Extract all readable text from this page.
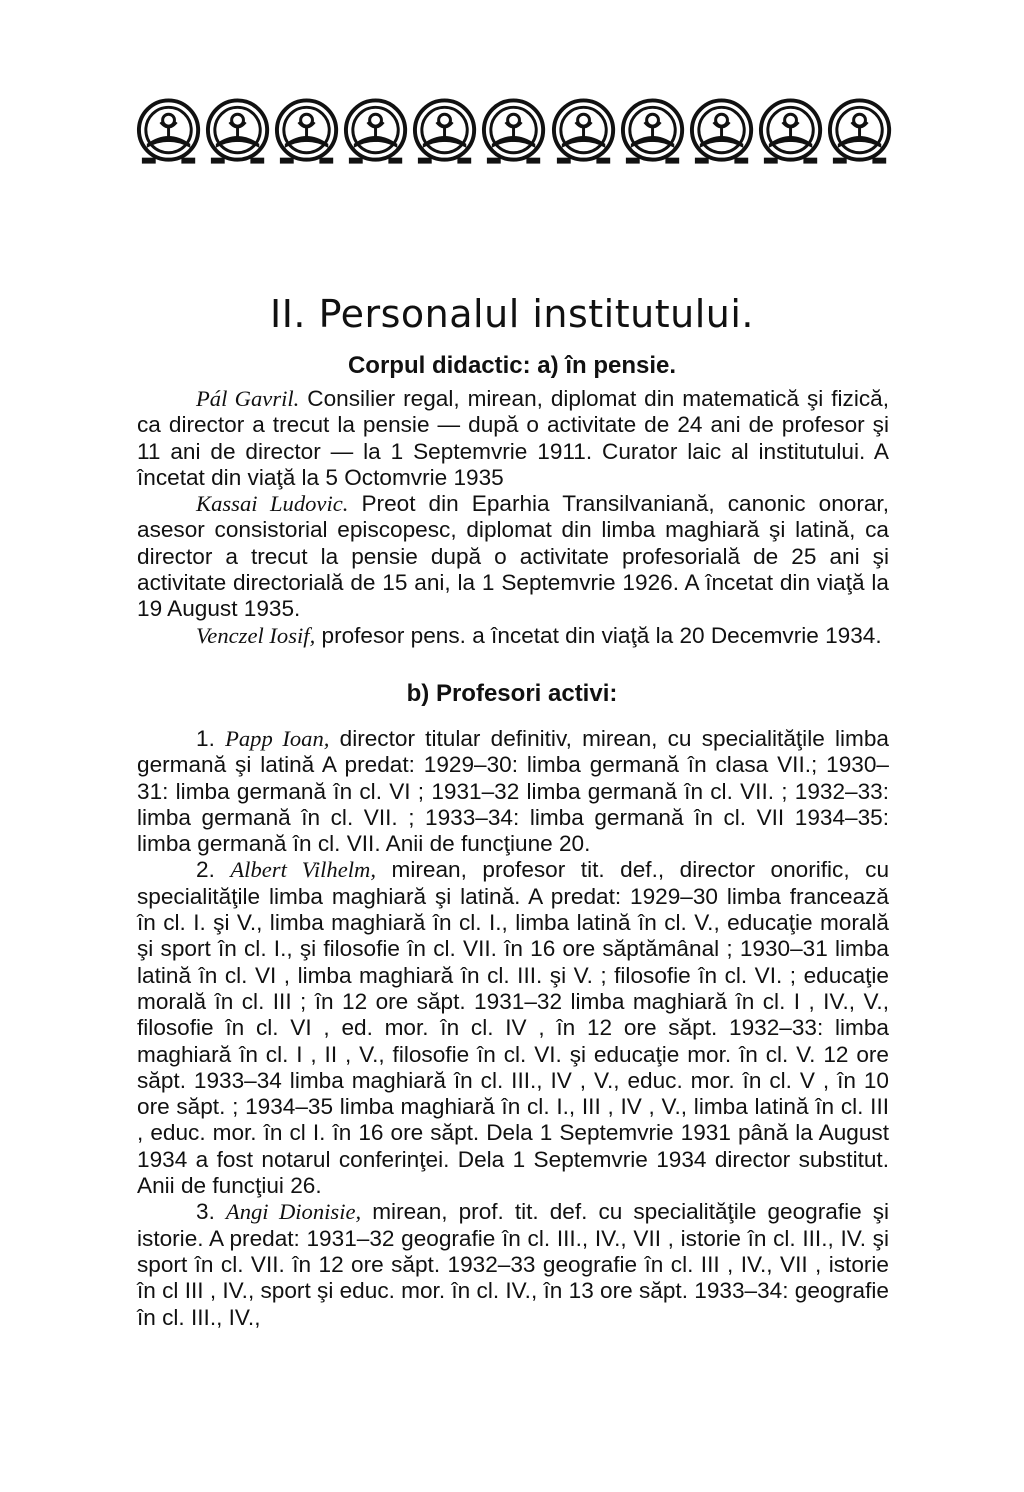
II. Personalul institutului.
Corpul didactic: a) în pensie.

Pál Gavril. Consilier regal, mirean, diplomat din matematică şi fizică, ca director a trecut la pensie — după o activitate de 24 ani de profesor şi 11 ani de director — la 1 Septemvrie 1911. Curator laic al institutului. A încetat din viaţă la 5 Octomvrie 1935

Kassai Ludovic. Preot din Eparhia Transilvaniană, canonic onorar, asesor consistorial episcopesc, diplomat din limba maghiară şi latină, ca director a trecut la pensie după o activitate profesorială de 25 ani şi activitate directorială de 15 ani, la 1 Septemvrie 1926. A încetat din viaţă la 19 August 1935.

Venczel Iosif, profesor pens. a încetat din viaţă la 20 Decemvrie 1934.

b) Profesori activi:

1. Papp Ioan, director titular definitiv, mirean, cu specialităţile limba germană şi latină A predat: 1929–30: limba germană în clasa VII.; 1930–31: limba germană în cl. VI ; 1931–32 limba germană în cl. VII. ; 1932–33: limba germană în cl. VII. ; 1933–34: limba germană în cl. VII 1934–35: limba germană în cl. VII. Anii de funcţiune 20.

2. Albert Vilhelm, mirean, profesor tit. def., director onorific, cu specialităţile limba maghiară şi latină. A predat: 1929–30 limba franceazǎ în cl. I. şi V., limba maghiară în cl. I., limba latină în cl. V., educaţie morală şi sport în cl. I., şi filosofie în cl. VII. în 16 ore săptămânal ; 1930–31 limba latină în cl. VI , limba maghiară în cl. III. şi V. ; filosofie în cl. VI. ; educaţie morală în cl. III ; în 12 ore săpt. 1931–32 limba maghiară în cl. I , IV., V., filosofie în cl. VI , ed. mor. în cl. IV , în 12 ore săpt. 1932–33: limba maghiară în cl. I , II , V., filosofie în cl. VI. şi educaţie mor. în cl. V. 12 ore săpt. 1933–34 limba maghiară în cl. III., IV , V., educ. mor. în cl. V , în 10 ore săpt. ; 1934–35 limba maghiară în cl. I., III , IV , V., limba latină în cl. III , educ. mor. în cl I. în 16 ore săpt. Dela 1 Septemvrie 1931 până la August 1934 a fost notarul conferinţei. Dela 1 Septemvrie 1934 director substitut. Anii de funcţiui 26.

3. Angi Dionisie, mirean, prof. tit. def. cu specialităţile geografie şi istorie. A predat: 1931–32 geografie în cl. III., IV., VII , istorie în cl. III., IV. şi sport în cl. VII. în 12 ore săpt. 1932–33 geografie în cl. III , IV., VII , istorie în cl III , IV., sport şi educ. mor. în cl. IV., în 13 ore săpt. 1933–34: geografie în cl. III., IV.,
